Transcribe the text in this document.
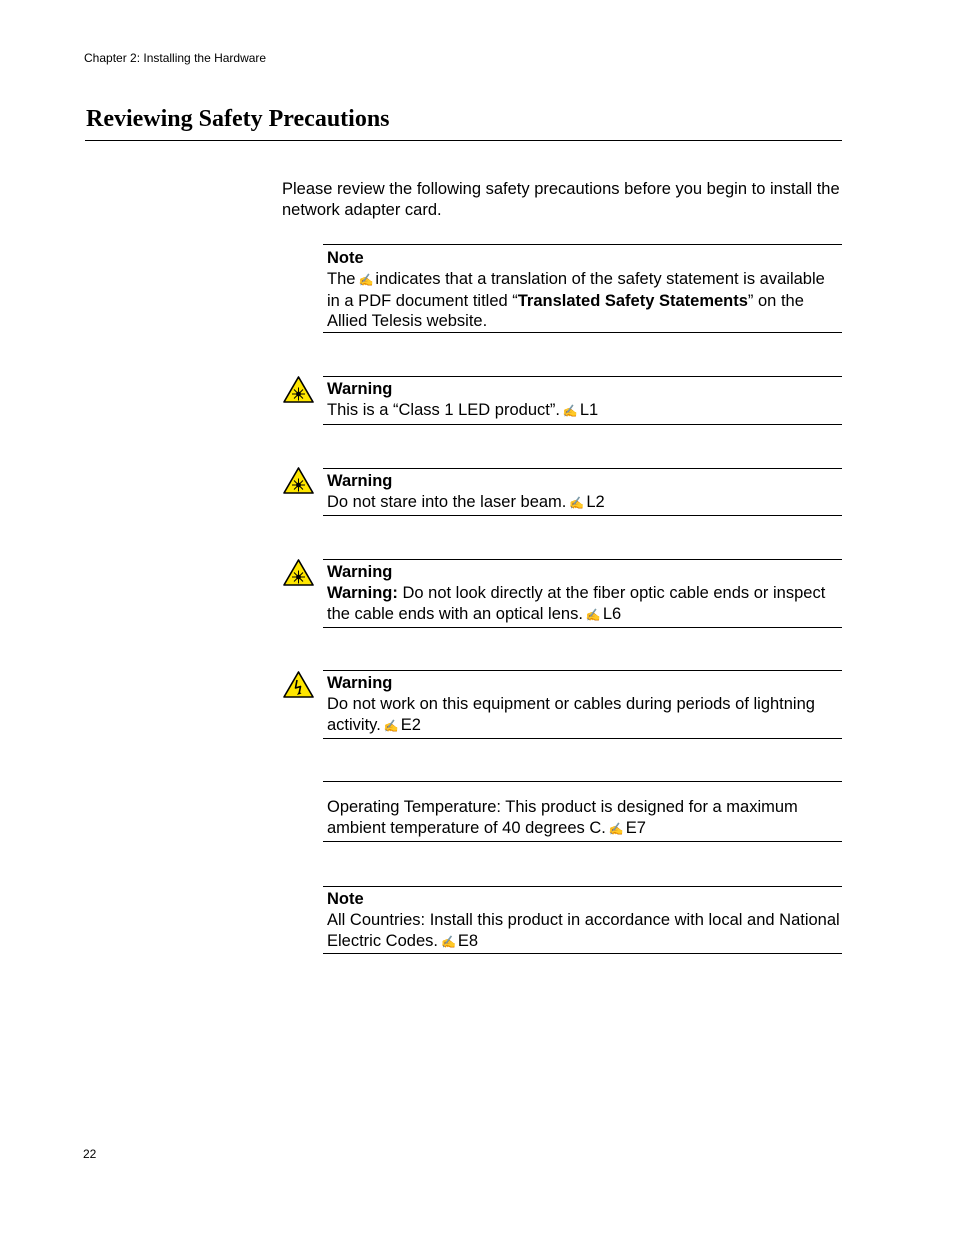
Chapter 2: Installing the Hardware
Reviewing Safety Precautions
Please review the following safety precautions before you begin to install the network adapter card.
Note
The ✍ indicates that a translation of the safety statement is available in a PDF document titled “Translated Safety Statements” on the Allied Telesis website.
Warning
This is a “Class 1 LED product”. ✍ L1
Warning
Do not stare into the laser beam. ✍ L2
Warning
Warning: Do not look directly at the fiber optic cable ends or inspect the cable ends with an optical lens. ✍ L6
Warning
Do not work on this equipment or cables during periods of lightning activity. ✍ E2
Operating Temperature: This product is designed for a maximum ambient temperature of 40 degrees C. ✍ E7
Note
All Countries: Install this product in accordance with local and National Electric Codes. ✍ E8
22
